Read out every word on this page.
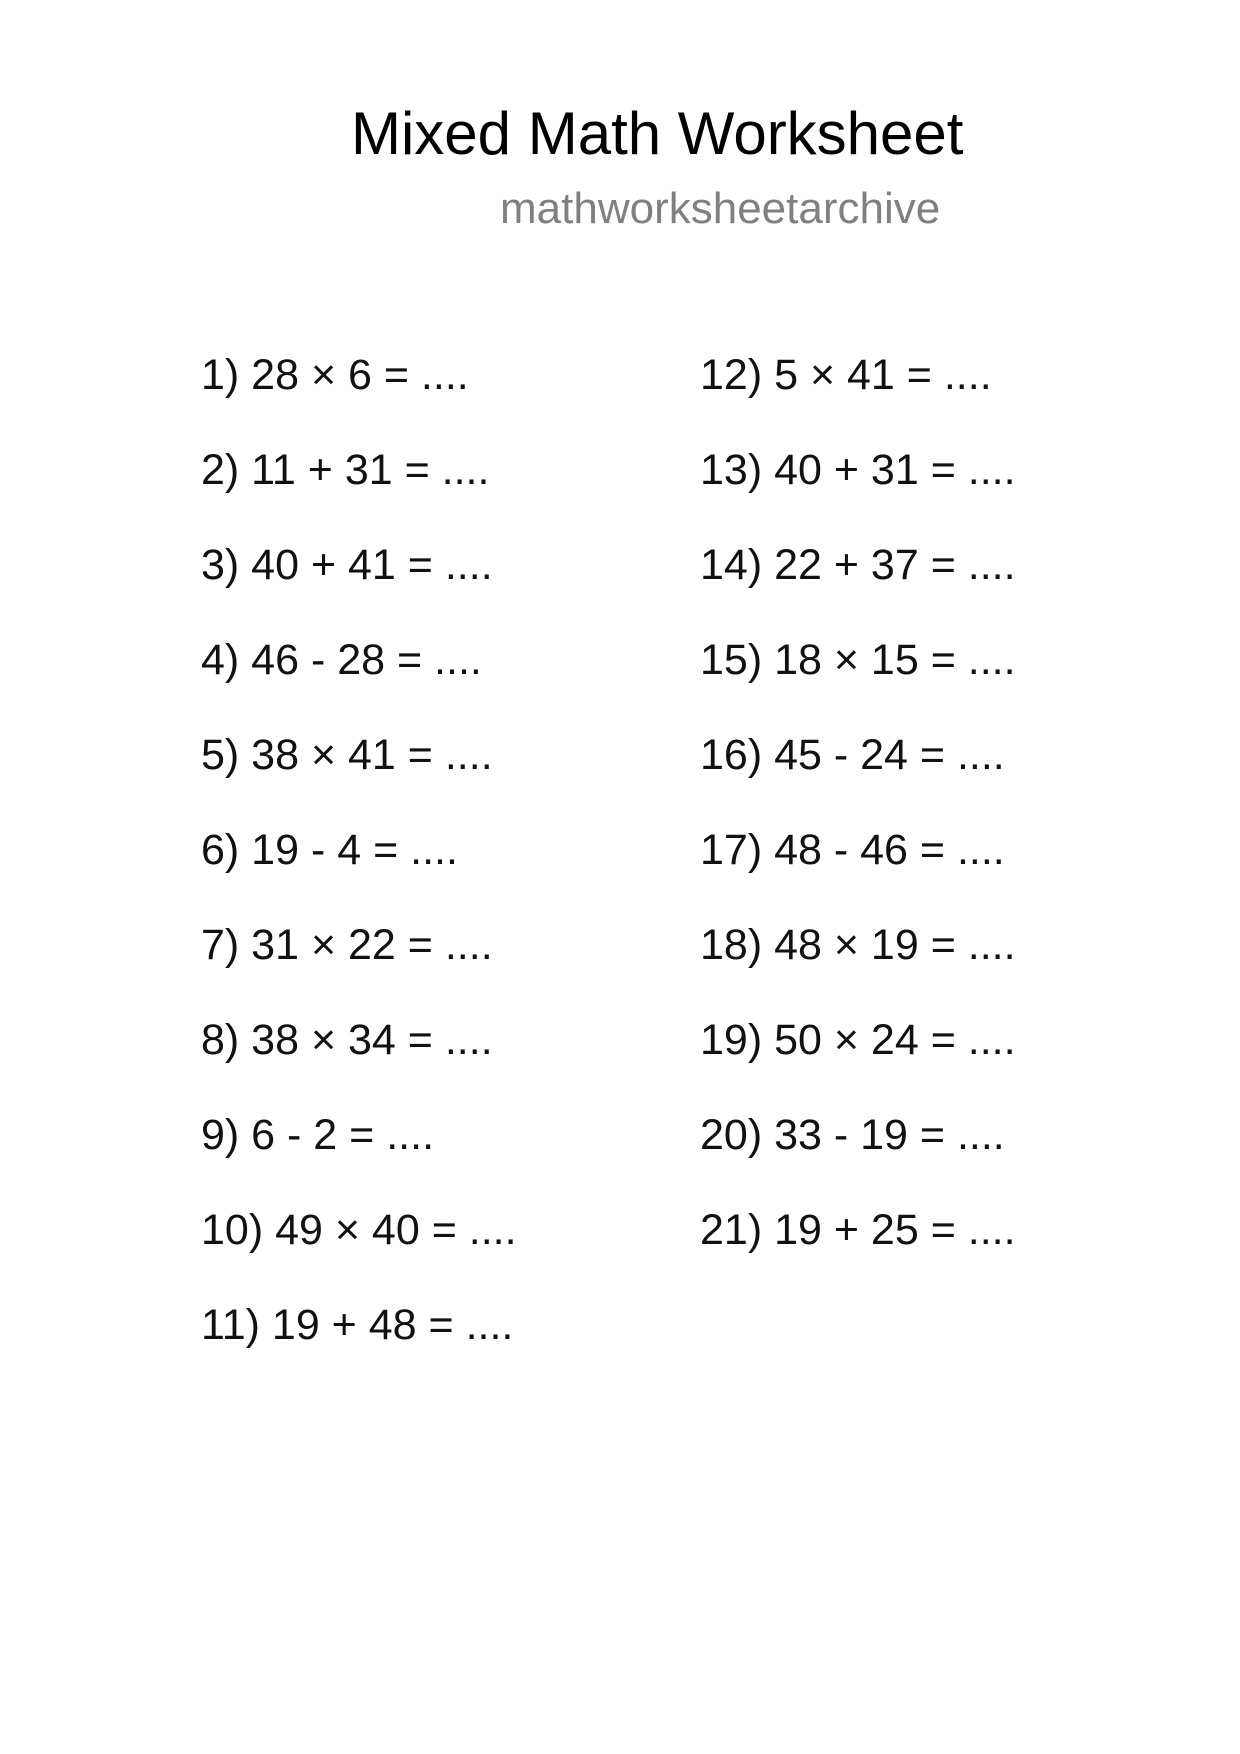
Mixed Math Worksheet
mathworksheetarchive
1) 28 × 6 = ....
2) 11 + 31 = ....
3) 40 + 41 = ....
4) 46 - 28 = ....
5) 38 × 41 = ....
6) 19 - 4 = ....
7) 31 × 22 = ....
8) 38 × 34 = ....
9) 6 - 2 = ....
10) 49 × 40 = ....
11) 19 + 48 = ....
12) 5 × 41 = ....
13) 40 + 31 = ....
14) 22 + 37 = ....
15) 18 × 15 = ....
16) 45 - 24 = ....
17) 48 - 46 = ....
18) 48 × 19 = ....
19) 50 × 24 = ....
20) 33 - 19 = ....
21) 19 + 25 = ....
